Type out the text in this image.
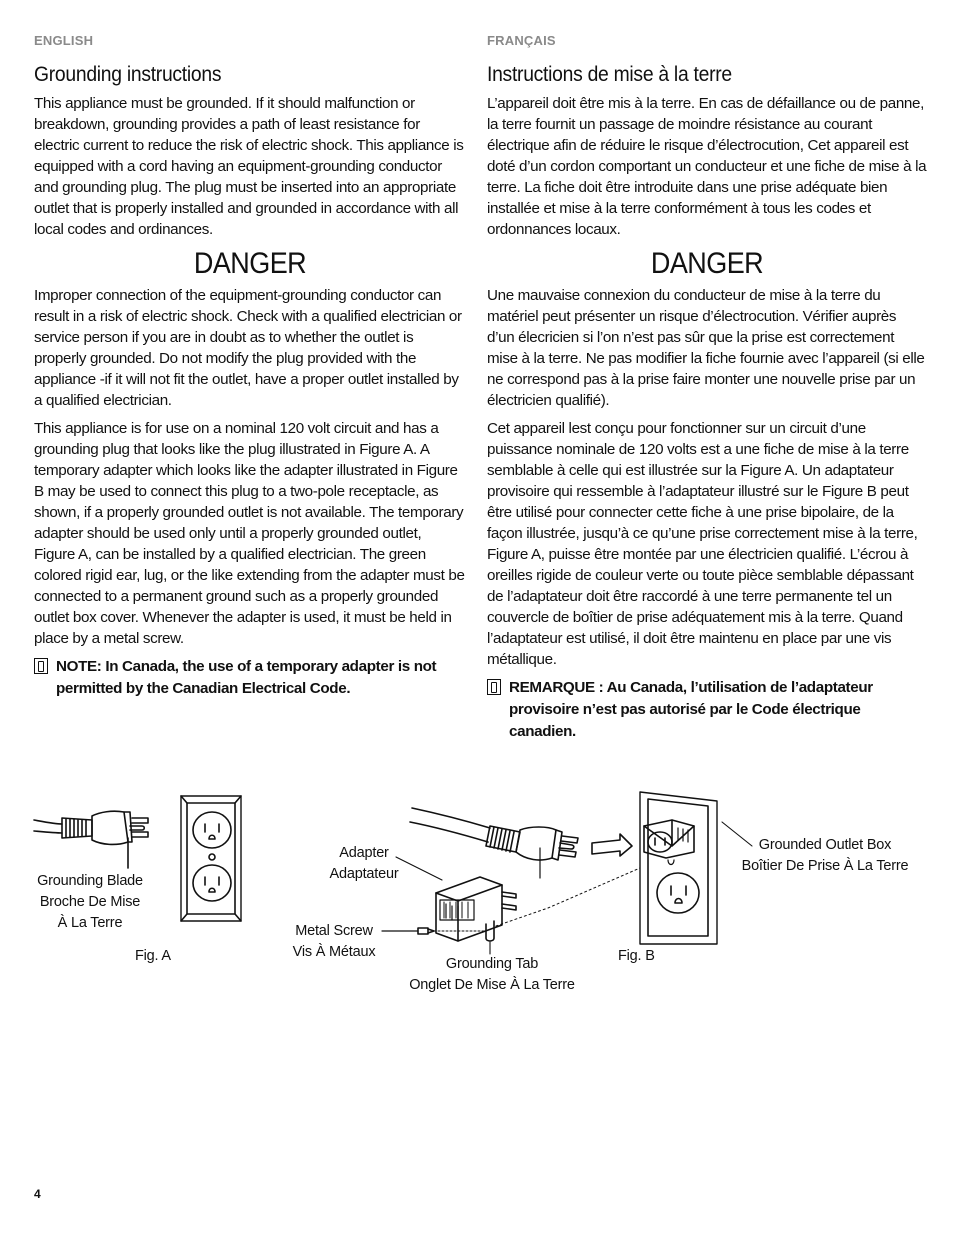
ENGLISH
Grounding instructions

This appliance must be grounded. If it should malfunction or breakdown, grounding provides a path of least resistance for electric current to reduce the risk of electric shock. This appliance is equipped with a cord having an equipment-grounding conductor and grounding plug. The plug must be inserted into an appropriate outlet that is properly installed and grounded in accordance with all local codes and ordinances.

DANGER

Improper connection of the equipment-grounding conductor can result in a risk of electric shock. Check with a qualified electrician or service person if you are in doubt as to whether the outlet is properly grounded. Do not modify the plug provided with the appliance -if it will not fit the outlet, have a proper outlet installed by a qualified electrician.

This appliance is for use on a nominal 120 volt circuit and has a grounding plug that looks like the plug illustrated in Figure A. A temporary adapter which looks like the adapter illustrated in Figure B may be used to connect this plug to a two-pole receptacle, as shown, if a properly grounded outlet is not available. The temporary adapter should be used only until a properly grounded outlet, Figure A, can be installed by a qualified electrician. The green colored rigid ear, lug, or the like extending from the adapter must be connected to a permanent ground such as a properly grounded outlet box cover. Whenever the adapter is used, it must be held in place by a metal screw.

NOTE: In Canada, the use of a temporary adapter is not permitted by the Canadian Electrical Code.
FRANÇAIS
Instructions de mise à la terre

L’appareil doit être mis à la terre. En cas de défaillance ou de panne, la terre fournit un passage de moindre résistance au courant électrique afin de réduire le risque d’électrocution, Cet appareil est doté d’un cordon comportant un conducteur et une fiche de mise à la terre. La fiche doit être introduite dans une prise adéquate bien installée et mise à la terre conformément à tous les codes et ordonnances locaux.

DANGER

Une mauvaise connexion du conducteur de mise à la terre du matériel peut présenter un risque d’électrocution. Vérifier auprès d’un élecricien si l’on n’est pas sûr que la prise est correctement mise à la terre. Ne pas modifier la fiche fournie avec l’appareil (si elle ne correspond pas à la prise faire monter une nouvelle prise par un électricien qualifié).

Cet appareil lest conçu pour fonctionner sur un circuit d’une puissance nominale de 120 volts est a une fiche de mise à la terre semblable à celle qui est illustrée sur la Figure A. Un adaptateur provisoire qui ressemble à l’adaptateur illustré sur le Figure B peut être utilisé pour connecter cette fiche à une prise bipolaire, de la façon illustrée, jusqu’à ce qu’une prise correctement mise à la terre, Figure A, puisse être montée par une électricien qualifié. L’écrou à oreilles rigide de couleur verte ou toute pièce semblable dépassant de l’adaptateur doit être raccordé à une terre permanente tel un couvercle de boîtier de prise adéquatement mis à la terre. Quand l’adaptateur est utilisé, il doit être maintenu en place par une vis métallique.

REMARQUE : Au Canada, l’utilisation de l’adaptateur provisoire n’est pas autorisé par le Code électrique canadien.
Grounding Blade
Broche De Mise
À La Terre
Fig. A
Adapter
Adaptateur
Metal Screw
Vis À Métaux
Grounding Tab
Onglet De Mise À La Terre
Fig. B
Grounded Outlet Box
Boîtier De Prise À La Terre
4
